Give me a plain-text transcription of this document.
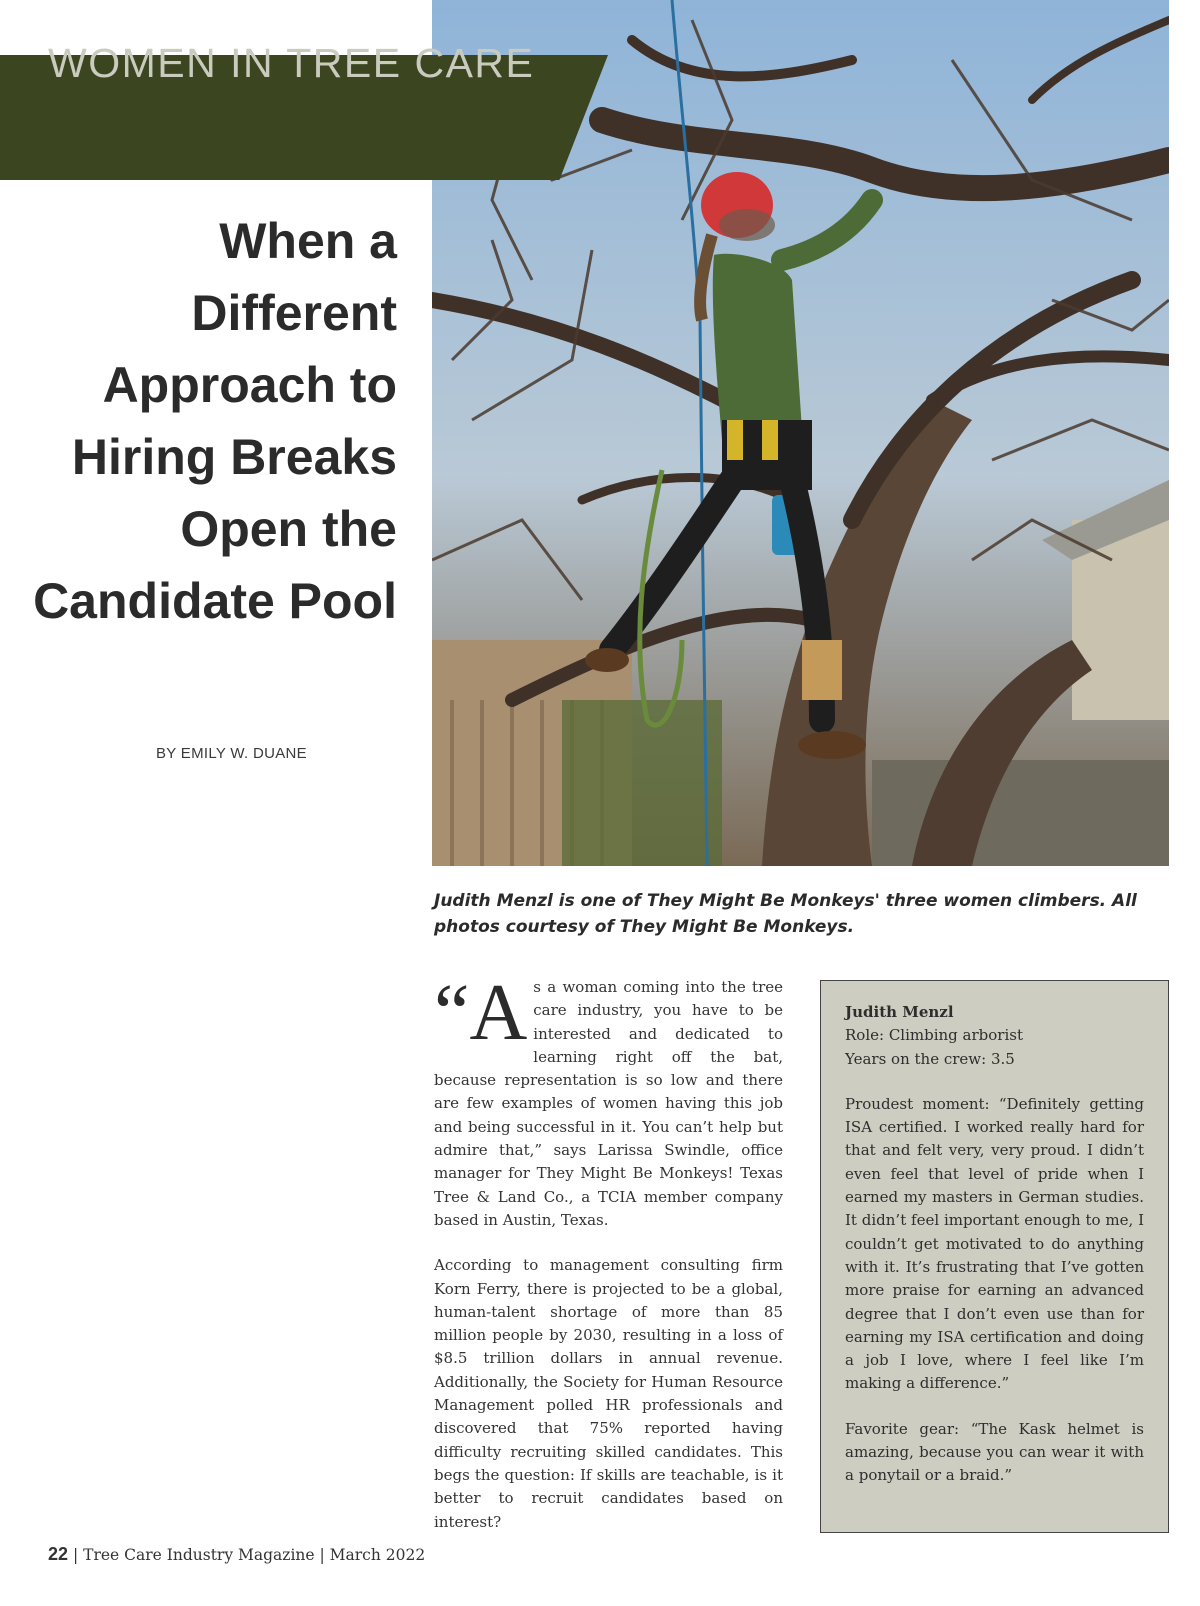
WOMEN IN TREE CARE
When a
Different
Approach to
Hiring Breaks
Open the
Candidate Pool
BY EMILY W. DUANE
Judith Menzl is one of They Might Be Monkeys' three women climbers. All photos courtesy of They Might Be Monkeys.

“As a woman coming into the tree care industry, you have to be interested and dedicated to learning right off the bat, because representation is so low and there are few examples of women having this job and being successful in it. You can’t help but admire that,” says Larissa Swindle, office manager for They Might Be Monkeys! Texas Tree & Land Co., a TCIA member company based in Austin, Texas.

According to management consulting firm Korn Ferry, there is projected to be a global, human-talent shortage of more than 85 million people by 2030, resulting in a loss of $8.5 trillion dollars in annual revenue. Additionally, the Society for Human Resource Management polled HR professionals and discovered that 75% reported having difficulty recruiting skilled candidates. This begs the question: If skills are teachable, is it better to recruit candidates based on interest?

Judith Menzl
Role: Climbing arborist
Years on the crew: 3.5

Proudest moment: “Definitely getting ISA certified. I worked really hard for that and felt very, very proud. I didn’t even feel that level of pride when I earned my masters in German studies. It didn’t feel important enough to me, I couldn’t get motivated to do anything with it. It’s frustrating that I’ve gotten more praise for earning an advanced degree that I don’t even use than for earning my ISA certification and doing a job I love, where I feel like I’m making a difference.”

Favorite gear: “The Kask helmet is amazing, because you can wear it with a ponytail or a braid.”

22 | Tree Care Industry Magazine | March 2022
